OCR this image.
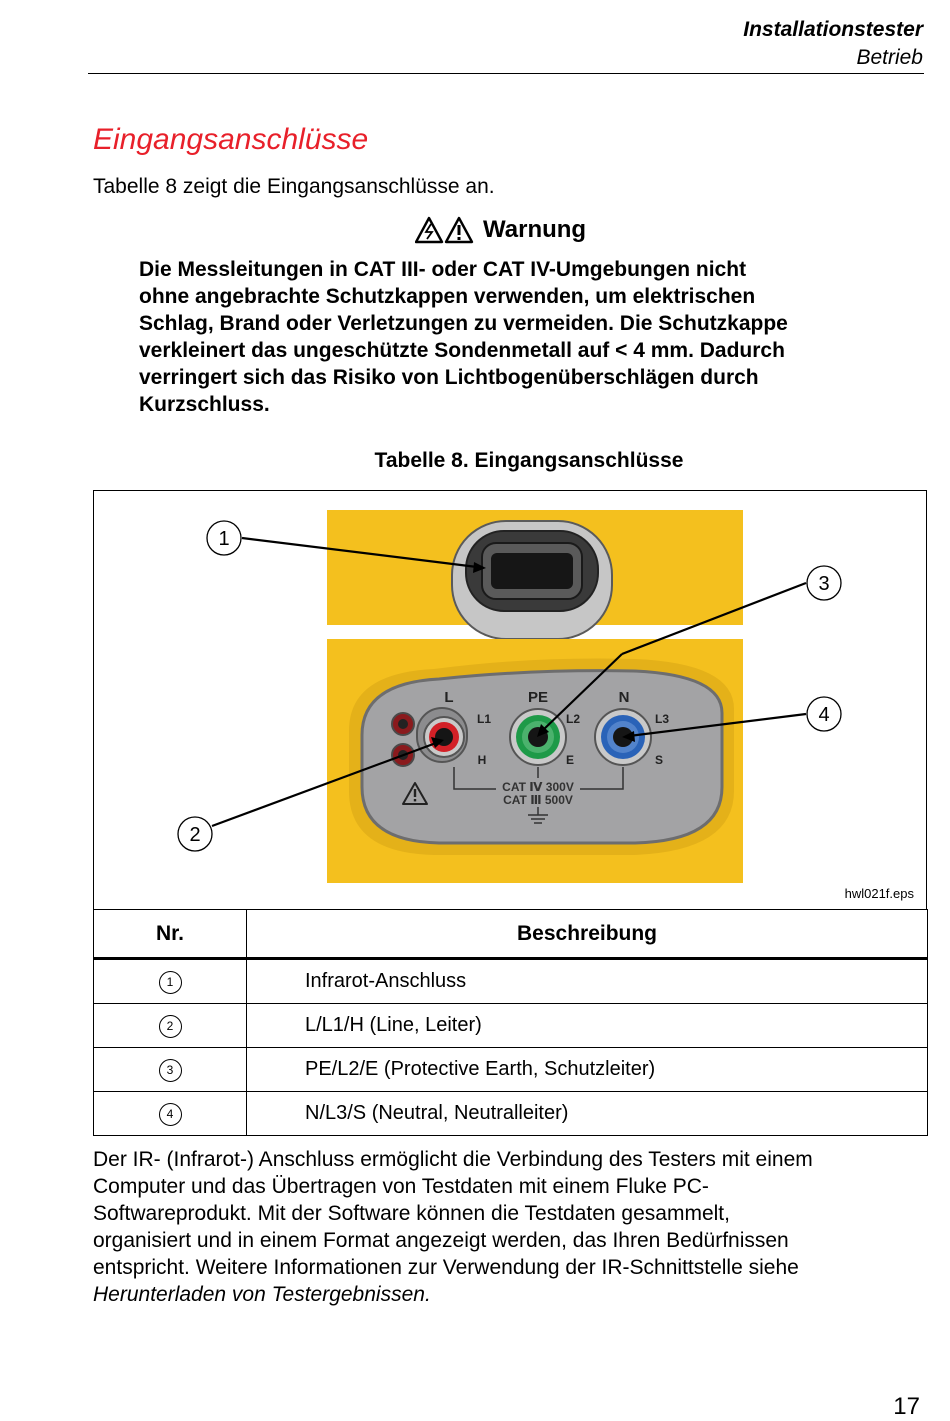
Installationstester
Betrieb
Eingangsanschlüsse
Tabelle 8 zeigt die Eingangsanschlüsse an.
Warnung
Die Messleitungen in CAT III- oder CAT IV-Umgebungen nicht
ohne angebrachte Schutzkappen verwenden, um elektrischen
Schlag, Brand oder Verletzungen zu vermeiden. Die Schutzkappe
verkleinert das ungeschützte Sondenmetall auf < 4 mm. Dadurch
verringert sich das Risiko von Lichtbogenüberschlägen durch
Kurzschluss.
Tabelle 8. Eingangsanschlüsse
L	PE	N
L1	L2	L3
H	E	S
CAT Ⅳ 300V
CAT Ⅲ 500V
1
2
3
4
hwl021f.eps
Nr.	Beschreibung
1	Infrarot-Anschluss
2	L/L1/H (Line, Leiter)
3	PE/L2/E (Protective Earth, Schutzleiter)
4	N/L3/S (Neutral, Neutralleiter)
Der IR- (Infrarot-) Anschluss ermöglicht die Verbindung des Testers mit einem
Computer und das Übertragen von Testdaten mit einem Fluke PC-
Softwareprodukt. Mit der Software können die Testdaten gesammelt,
organisiert und in einem Format angezeigt werden, das Ihren Bedürfnissen
entspricht. Weitere Informationen zur Verwendung der IR-Schnittstelle siehe
Herunterladen von Testergebnissen.
17
